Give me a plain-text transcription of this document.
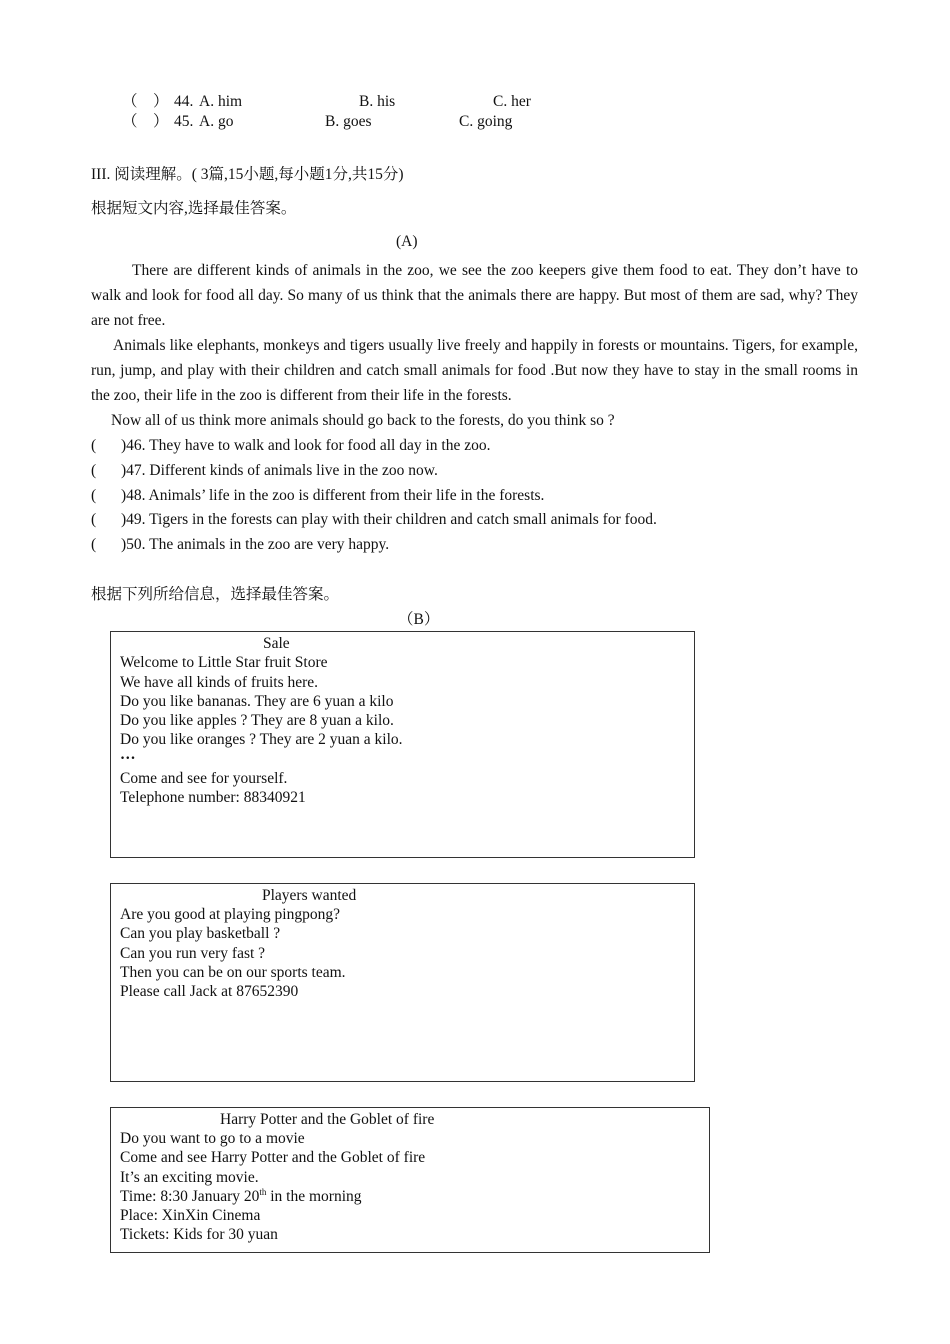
（　） 44. A. him	B. his	C. her
（　） 45. A. go	B. goes	C. going
III. 阅读理解。( 3篇,15小题,每小题1分,共15分)
根据短文内容,选择最佳答案。
(A)
There are different kinds of animals in the zoo, we see the zoo keepers give them food to eat. They don’t have to walk and look for food all day. So many of us think that the animals there are happy. But most of them are sad, why? They are not free.
Animals like elephants, monkeys and tigers usually live freely and happily in forests or mountains. Tigers, for example, run, jump, and play with their children and catch small animals for food .But now they have to stay in the small rooms in the zoo, their life in the zoo is different from their life in the forests.
Now all of us think more animals should go back to the forests, do you think so ?
( )46. They have to walk and look for food all day in the zoo.
( )47. Different kinds of animals live in the zoo now.
( )48. Animals’ life in the zoo is different from their life in the forests.
( )49. Tigers in the forests can play with their children and catch small animals for food.
( )50. The animals in the zoo are very happy.
根据下列所给信息，选择最佳答案。
（B）
Sale
Welcome to Little Star fruit Store
We have all kinds of fruits here.
Do you like bananas. They are 6 yuan a kilo
Do you like apples ? They are 8 yuan a kilo.
Do you like oranges ? They are 2 yuan a kilo.
…
Come and see for yourself.
Telephone number: 88340921
Players wanted
Are you good at playing pingpong?
Can you play basketball ?
Can you run very fast ?
Then you can be on our sports team.
Please call Jack at 87652390
Harry Potter and the Goblet of fire
Do you want to go to a movie
Come and see Harry Potter and the Goblet of fire
It’s an exciting movie.
Time: 8:30 January 20th in the morning
Place: XinXin Cinema
Tickets: Kids for 30 yuan
